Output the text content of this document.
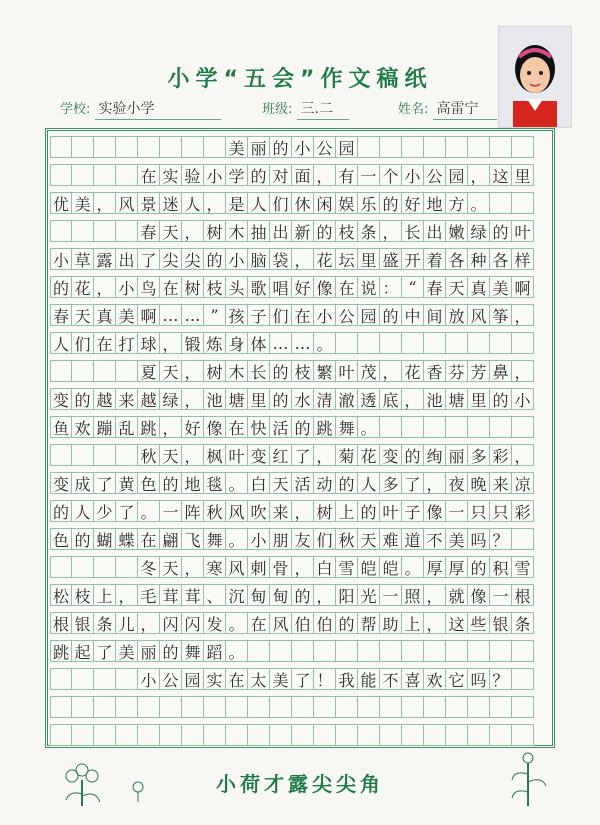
小学“五会”作文稿纸
学校: 实验小学	班级: 三.二	姓名: 高雷宁
美 丽 的 小 公 园
在 实 验 小 学 的 对 面 ， 有 一 个 小 公 园 ， 这 里
优 美 ， 风 景 迷 人 ， 是 人 们 休 闲 娱 乐 的 好 地 方 。
春 天 ， 树 木 抽 出 新 的 枝 条 ， 长 出 嫩 绿 的 叶
小 草 露 出 了 尖 尖 的 小 脑 袋 ， 花 坛 里 盛 开 着 各 种 各 样
的 花 ， 小 鸟 在 树 枝 头 歌 唱 好 像 在 说 ： “ 春 天 真 美 啊
春 天 真 美 啊 … … ” 孩 子 们 在 小 公 园 的 中 间 放 风 筝 ，
人 们 在 打 球 ， 锻 炼 身 体 … … 。
夏 天 ， 树 木 长 的 枝 繁 叶 茂 ， 花 香 芬 芳 鼻 ，
变 的 越 来 越 绿 ， 池 塘 里 的 水 清 澈 透 底 ， 池 塘 里 的 小
鱼 欢 蹦 乱 跳 ， 好 像 在 快 活 的 跳 舞 。
秋 天 ， 枫 叶 变 红 了 ， 菊 花 变 的 绚 丽 多 彩 ，
变 成 了 黄 色 的 地 毯 。 白 天 活 动 的 人 多 了 ， 夜 晚 来 凉
的 人 少 了 。 一 阵 秋 风 吹 来 ， 树 上 的 叶 子 像 一 只 只 彩
色 的 蝴 蝶 在 翩 飞 舞 。 小 朋 友 们 秋 天 难 道 不 美 吗 ？
冬 天 ， 寒 风 刺 骨 ， 白 雪 皑 皑 。 厚 厚 的 积 雪
松 枝 上 ， 毛 茸 茸 、 沉 甸 甸 的 ， 阳 光 一 照 ， 就 像 一 根
根 银 条 儿 ， 闪 闪 发 。 在 风 伯 伯 的 帮 助 上 ， 这 些 银 条
跳 起 了 美 丽 的 舞 蹈 。
小 公 园 实 在 太 美 了 ！ 我 能 不 喜 欢 它 吗 ？
小荷才露尖尖角
